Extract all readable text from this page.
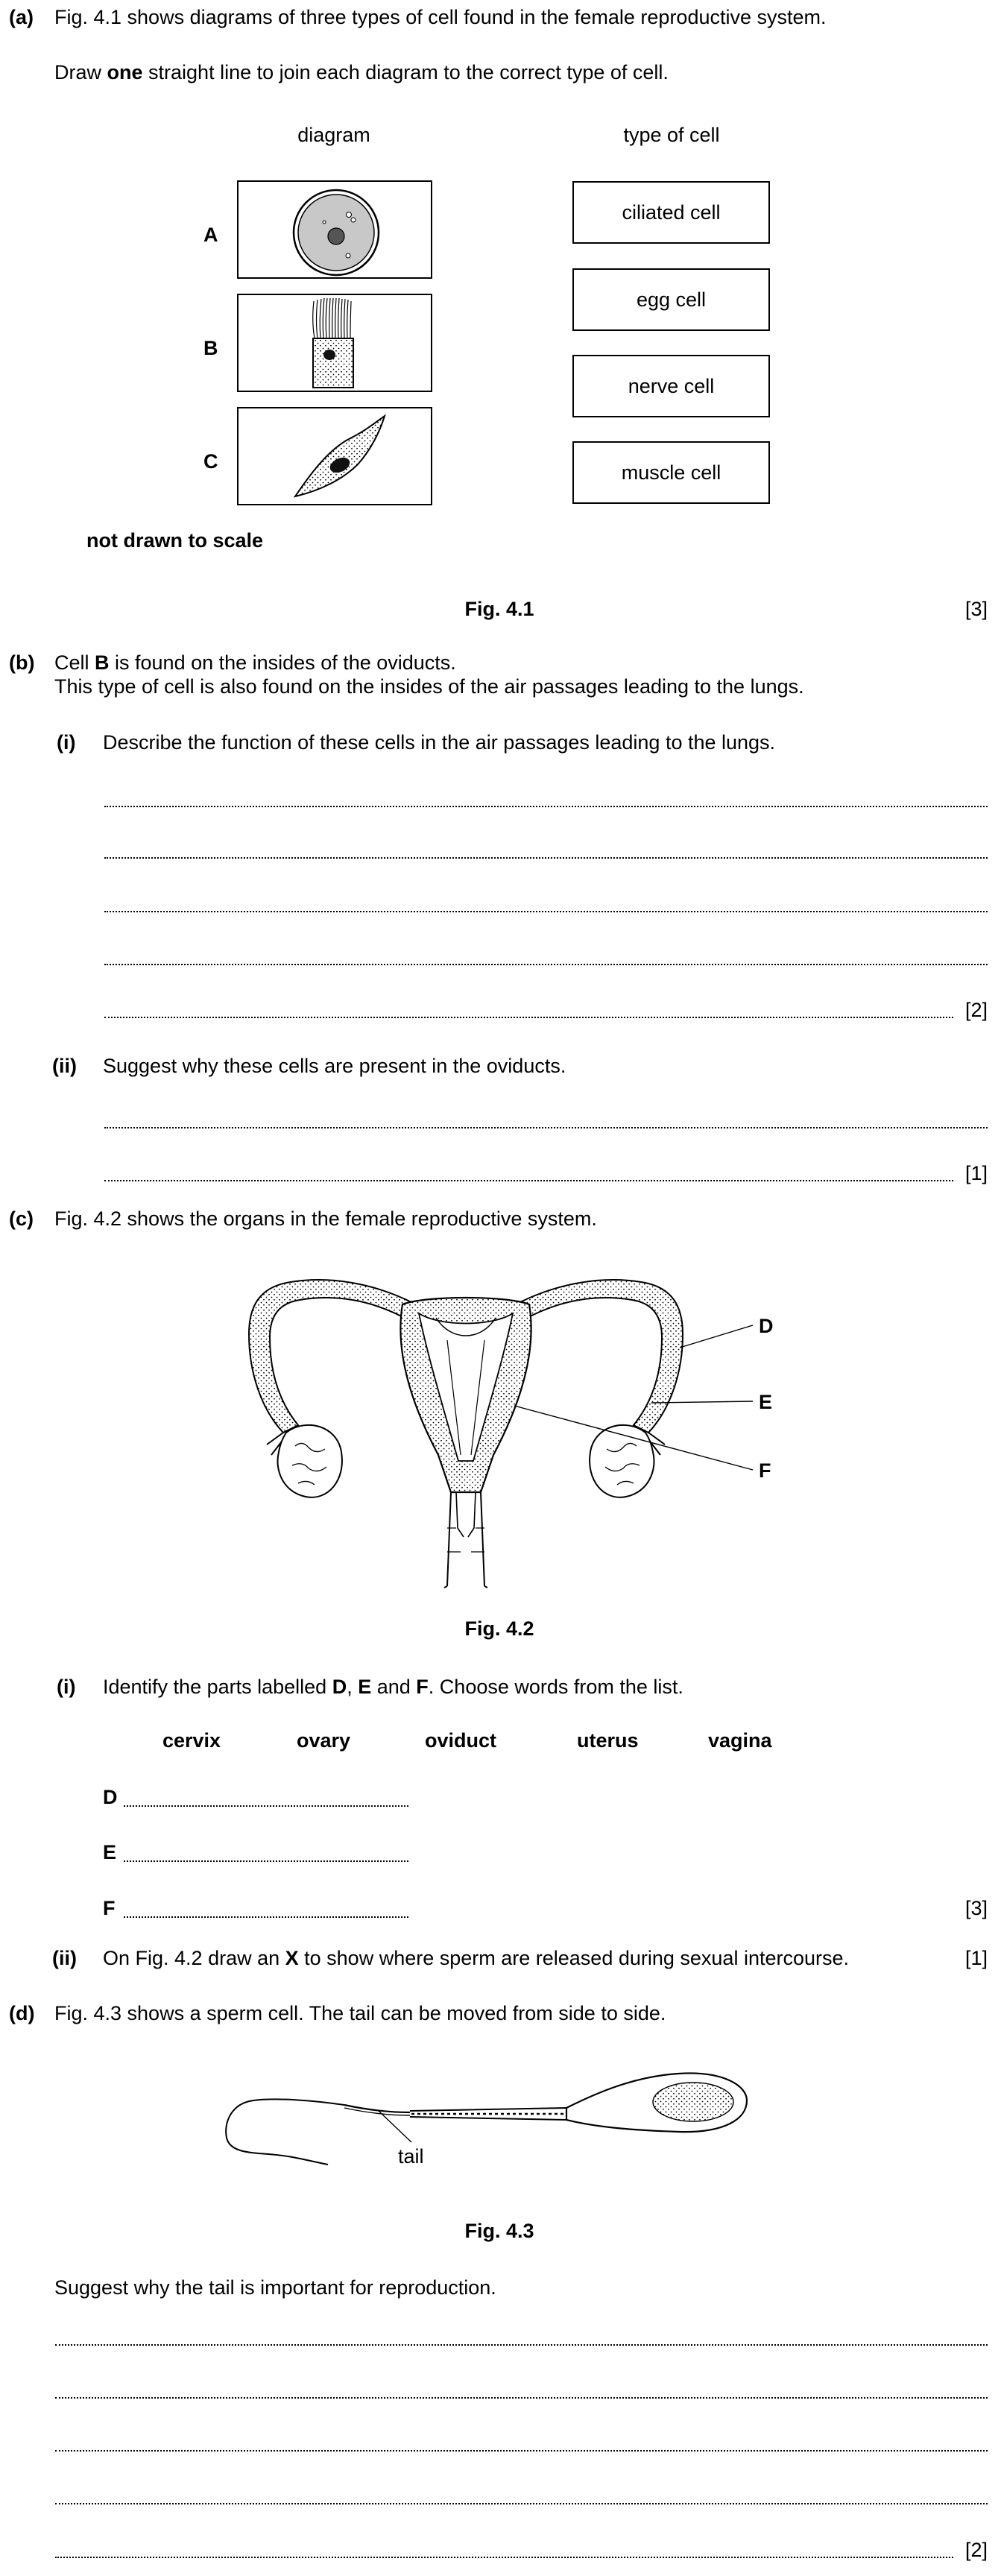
(a) Fig. 4.1 shows diagrams of three types of cell found in the female reproductive system.
Draw one straight line to join each diagram to the correct type of cell.
diagram	type of cell
A
B
C
not drawn to scale
ciliated cell
egg cell
nerve cell
muscle cell
Fig. 4.1	[3]
(b) Cell B is found on the insides of the oviducts.
This type of cell is also found on the insides of the air passages leading to the lungs.
(i) Describe the function of these cells in the air passages leading to the lungs.
[2]
(ii) Suggest why these cells are present in the oviducts.
[1]
(c) Fig. 4.2 shows the organs in the female reproductive system.
D
E
F
Fig. 4.2
(i) Identify the parts labelled D, E and F. Choose words from the list.
cervix	ovary	oviduct	uterus	vagina
D
E
F	[3]
(ii) On Fig. 4.2 draw an X to show where sperm are released during sexual intercourse.	[1]
(d) Fig. 4.3 shows a sperm cell. The tail can be moved from side to side.
tail
Fig. 4.3
Suggest why the tail is important for reproduction.
[2]
